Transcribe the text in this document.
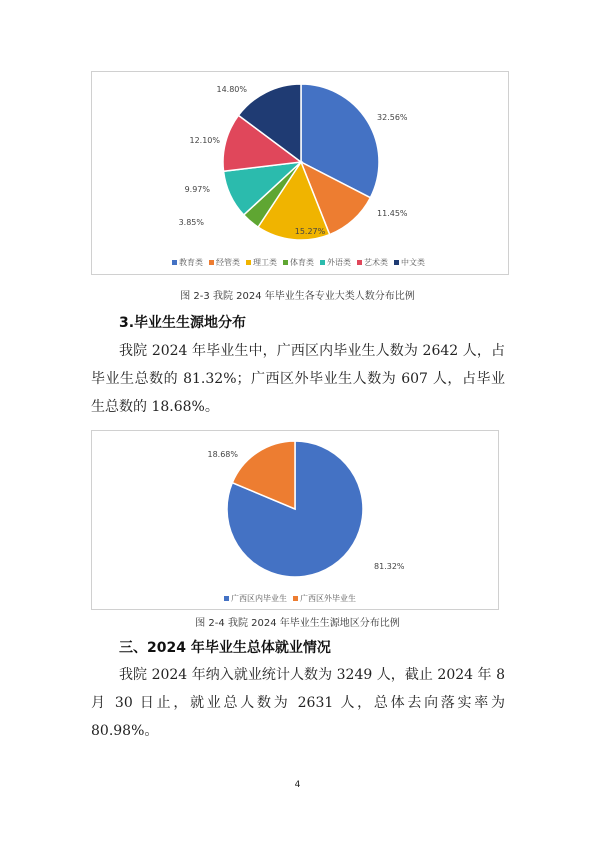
32.56%
11.45%
15.27%
3.85%
9.97%
12.10%
14.80%
教育类 经管类 理工类 体育类 外语类 艺术类 中文类
图 2-3 我院 2024 年毕业生各专业大类人数分布比例
3.毕业生生源地分布

我院 2024 年毕业生中，广西区内毕业生人数为 2642 人，占毕业生总数的 81.32%；广西区外毕业生人数为 607 人，占毕业生总数的 18.68%。

81.32%
18.68%
广西区内毕业生 广西区外毕业生
图 2-4 我院 2024 年毕业生生源地区分布比例
三、2024 年毕业生总体就业情况

我院 2024 年纳入就业统计人数为 3249 人，截止 2024 年 8 月 30 日止，就业总人数为 2631 人，总体去向落实率为 80.98%。

4
